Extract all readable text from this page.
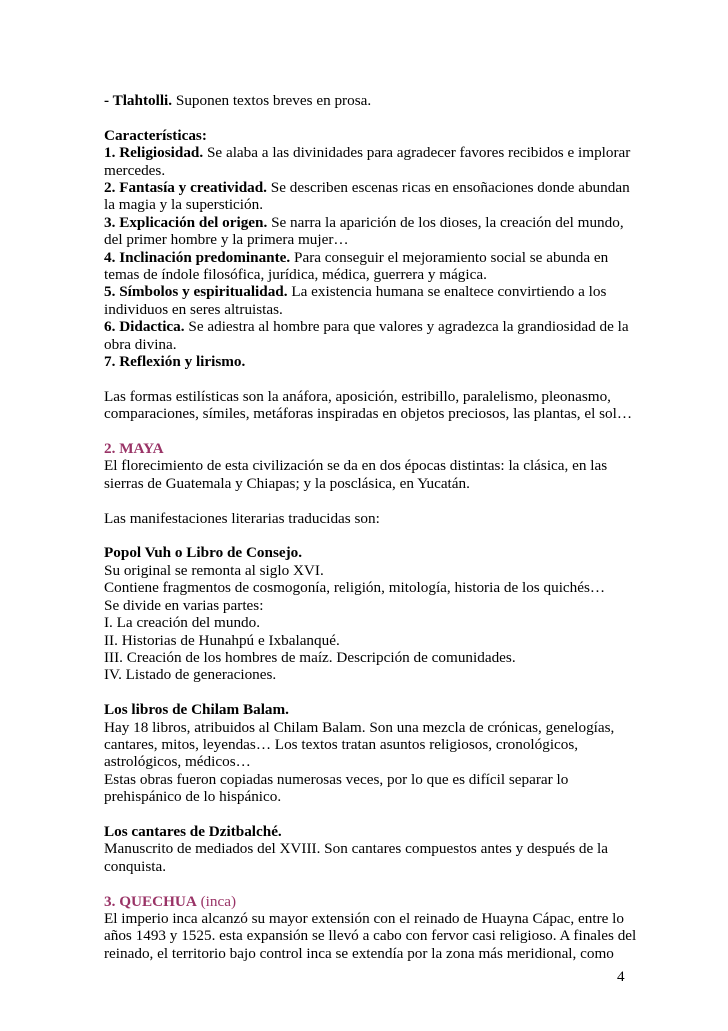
- Tlahtolli. Suponen textos breves en prosa.

Características:

1. Religiosidad. Se alaba a las divinidades para agradecer favores recibidos e implorar
mercedes.

2. Fantasía y creatividad. Se describen escenas ricas en ensoñaciones donde abundan
la magia y la superstición.

3. Explicación del origen. Se narra la aparición de los dioses, la creación del mundo,
del primer hombre y la primera mujer…

4. Inclinación predominante. Para conseguir el mejoramiento social se abunda en
temas de índole filosófica, jurídica, médica, guerrera y mágica.

5. Símbolos y espiritualidad. La existencia humana se enaltece convirtiendo a los
individuos en seres altruistas.

6. Didactica. Se adiestra al hombre para que valores y agradezca la grandiosidad de la
obra divina.

7. Reflexión y lirismo.

Las formas estilísticas son la anáfora, aposición, estribillo, paralelismo, pleonasmo,
comparaciones, símiles, metáforas inspiradas en objetos preciosos, las plantas, el sol…

2. MAYA

El florecimiento de esta civilización se da en dos épocas distintas: la clásica, en las
sierras de Guatemala y Chiapas; y la posclásica, en Yucatán.

Las manifestaciones literarias traducidas son:

Popol Vuh o Libro de Consejo.

Su original se remonta al siglo XVI.
Contiene fragmentos de cosmogonía, religión, mitología, historia de los quichés…
Se divide en varias partes:
I. La creación del mundo.
II. Historias de Hunahpú e Ixbalanqué.
III. Creación de los hombres de maíz. Descripción de comunidades.
IV. Listado de generaciones.

Los libros de Chilam Balam.

Hay 18 libros, atribuidos al Chilam Balam. Son una mezcla de crónicas, genelogías,
cantares, mitos, leyendas… Los textos tratan asuntos religiosos, cronológicos,
astrológicos, médicos…
Estas obras fueron copiadas numerosas veces, por lo que es difícil separar lo
prehispánico de lo hispánico.

Los cantares de Dzitbalché.

Manuscrito de mediados del XVIII. Son cantares compuestos antes y después de la
conquista.

3. QUECHUA (inca)

El imperio inca alcanzó su mayor extensión con el reinado de Huayna Cápac, entre lo
años 1493 y 1525. esta expansión se llevó a cabo con fervor casi religioso. A finales del
reinado, el territorio bajo control inca se extendía por la zona más meridional, como

4
